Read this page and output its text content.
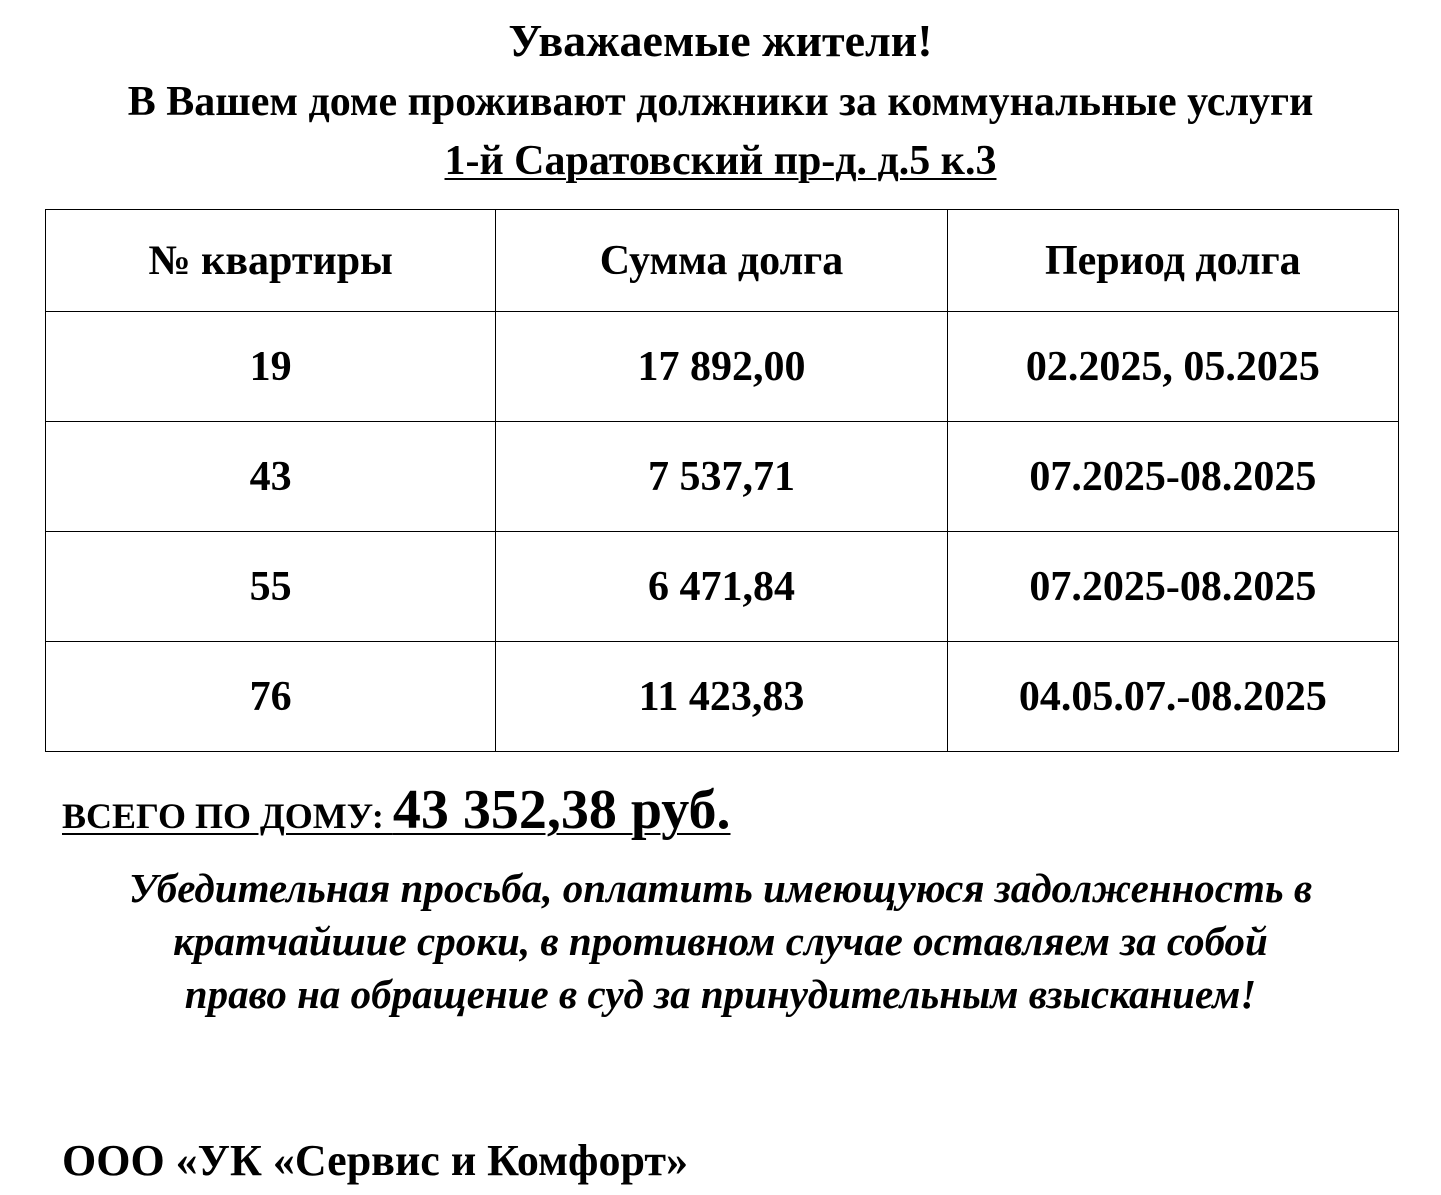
Уважаемые жители!
В Вашем доме проживают должники за коммунальные услуги
1-й Саратовский пр-д. д.5 к.3
№ квартиры	Сумма долга	Период долга
19	17 892,00	02.2025, 05.2025
43	7 537,71	07.2025-08.2025
55	6 471,84	07.2025-08.2025
76	11 423,83	04.05.07.-08.2025
ВСЕГО ПО ДОМУ: 43 352,38 руб.
Убедительная просьба, оплатить имеющуюся задолженность в
кратчайшие сроки, в противном случае оставляем за собой
право на обращение в суд за принудительным взысканием!
ООО «УК «Сервис и Комфорт»
